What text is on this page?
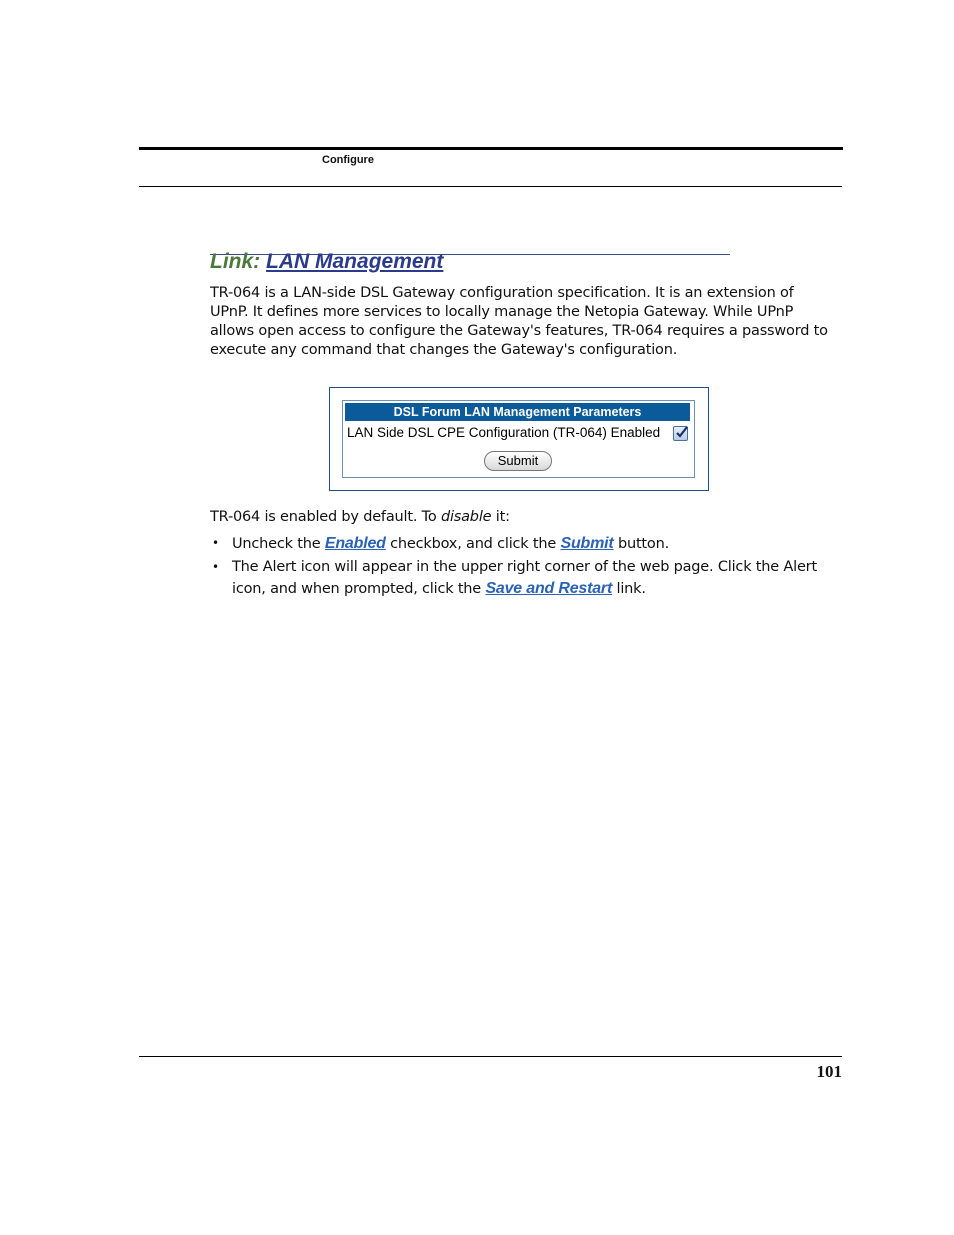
Configure
Link: LAN Management
TR-064 is a LAN-side DSL Gateway configuration specification. It is an extension of UPnP. It defines more services to locally manage the Netopia Gateway. While UPnP allows open access to configure the Gateway's features, TR-064 requires a password to execute any command that changes the Gateway's configuration.
DSL Forum LAN Management Parameters
LAN Side DSL CPE Configuration (TR-064) Enabled
Submit
TR-064 is enabled by default. To disable it:
• Uncheck the Enabled checkbox, and click the Submit button.
• The Alert icon will appear in the upper right corner of the web page. Click the Alert icon, and when prompted, click the Save and Restart link.
101
